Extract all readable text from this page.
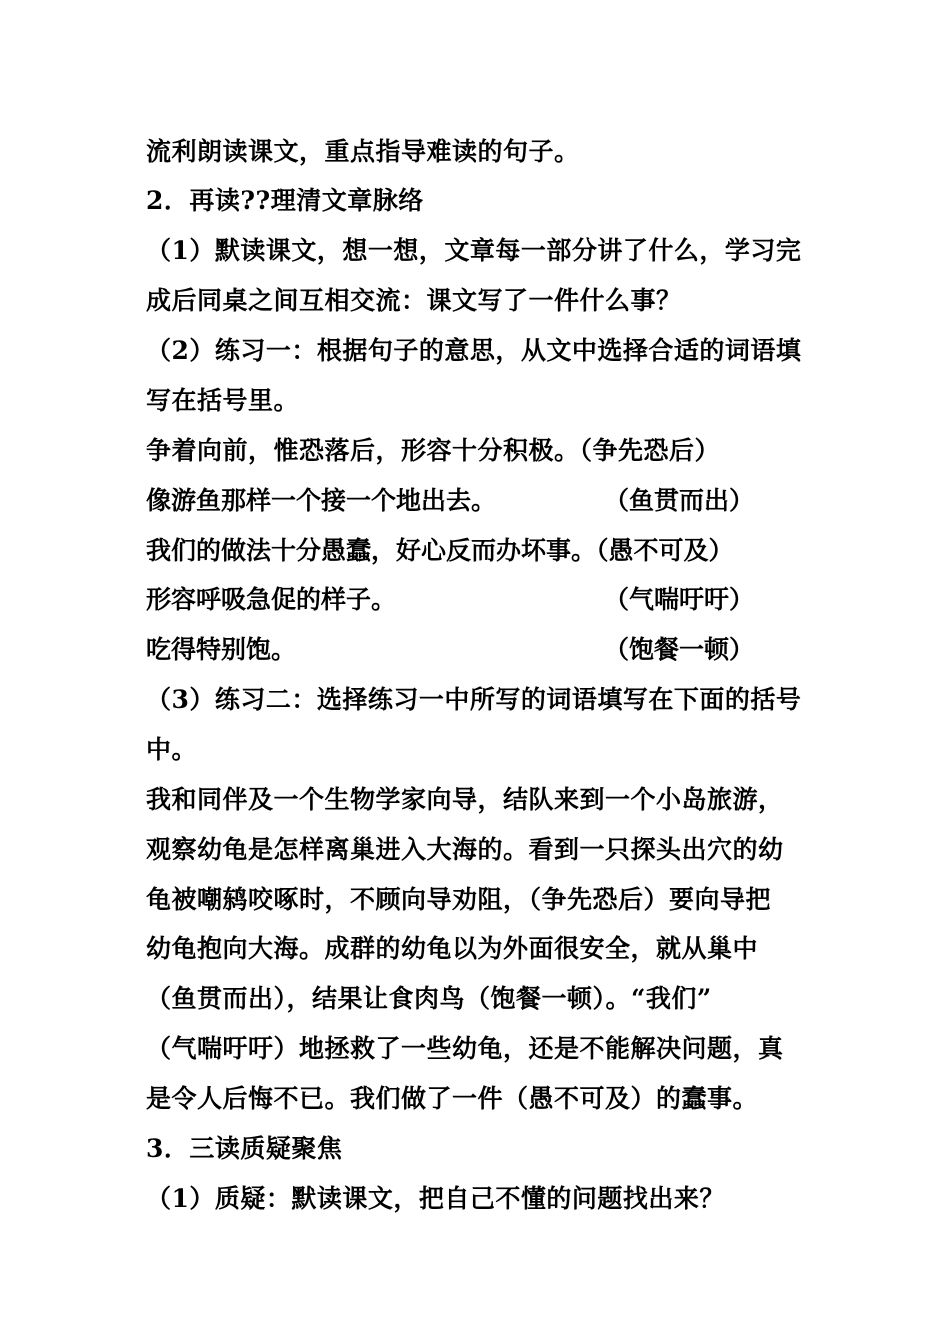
流利朗读课文，重点指导难读的句子。
2．再读??理清文章脉络
（1）默读课文，想一想，文章每一部分讲了什么，学习完
成后同桌之间互相交流：课文写了一件什么事？
（2）练习一：根据句子的意思，从文中选择合适的词语填
写在括号里。
争着向前，惟恐落后，形容十分积极。（争先恐后）
像游鱼那样一个接一个地出去。	（鱼贯而出）
我们的做法十分愚蠢，好心反而办坏事。（愚不可及）
形容呼吸急促的样子。	（气喘吁吁）
吃得特别饱。	（饱餐一顿）
（3）练习二：选择练习一中所写的词语填写在下面的括号
中。
我和同伴及一个生物学家向导，结队来到一个小岛旅游，
观察幼龟是怎样离巢进入大海的。看到一只探头出穴的幼
龟被嘲鸫咬啄时，不顾向导劝阻，（争先恐后）要向导把
幼龟抱向大海。成群的幼龟以为外面很安全，就从巢中
（鱼贯而出），结果让食肉鸟（饱餐一顿）。“我们”
（气喘吁吁）地拯救了一些幼龟，还是不能解决问题，真
是令人后悔不已。我们做了一件（愚不可及）的蠢事。
3．三读质疑聚焦
（1）质疑：默读课文，把自己不懂的问题找出来？
